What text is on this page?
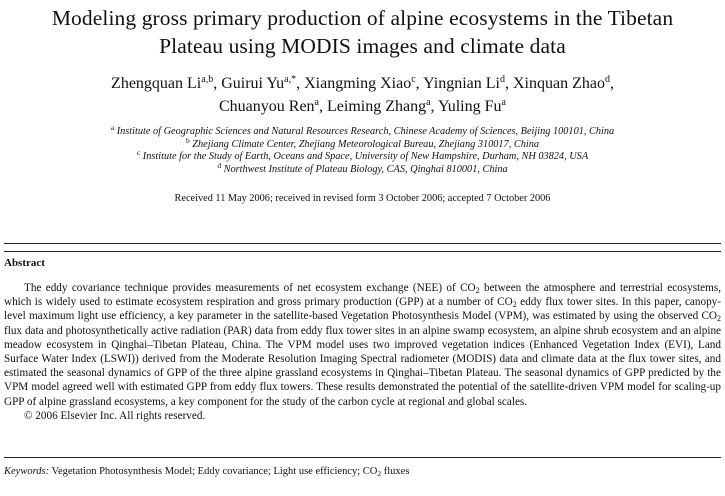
Modeling gross primary production of alpine ecosystems in the Tibetan
Plateau using MODIS images and climate data
Zhengquan Li$^{a,b}$, Guirui $Yu^{a,*}$, Xiangming Xiao$^c$, Yingnian Li$^d$, Xinquan Zhao$^d$,
Chuanyou Ren$^a$, Leiming Zhang$^a$, Yuling Fu$^a$
$^a$ Institute of Geographic Sciences and Natural Resources Research, Chinese Academy of Sciences, Beijing 100101, China
$^b$ Zhejiang Climate Center, Zhejiang Meteorological Bureau, Zhejiang 310017, China
$^c$ Institute for the Study of Earth, Oceans and Space, University of New Hampshire, Durham, NH 03824, USA
$^d$ Northwest Institute of Plateau Biology, CAS, Qinghai 810001, China
Received 11 May 2006; received in revised form 3 October 2006; accepted 7 October 2006
Abstract

The eddy covariance technique provides measurements of net ecosystem exchange (NEE) of $CO_2$ between the atmosphere and terrestrial ecosystems, which is widely used to estimate ecosystem respiration and gross primary production (GPP) at a number of $CO_2$ eddy flux tower sites. In this paper, canopy-level maximum light use efficiency, a key parameter in the satellite-based Vegetation Photosynthesis Model (VPM), was estimated by using the observed $CO_2$ flux data and photosynthetically active radiation (PAR) data from eddy flux tower sites in an alpine swamp ecosystem, an alpine shrub ecosystem and an alpine meadow ecosystem in Qinghai–Tibetan Plateau, China. The VPM model uses two improved vegetation indices (Enhanced Vegetation Index (EVI), Land Surface Water Index (LSWI)) derived from the Moderate Resolution Imaging Spectral radiometer (MODIS) data and climate data at the flux tower sites, and estimated the seasonal dynamics of GPP of the three alpine grassland ecosystems in Qinghai–Tibetan Plateau. The seasonal dynamics of GPP predicted by the VPM model agreed well with estimated GPP from eddy flux towers. These results demonstrated the potential of the satellite-driven VPM model for scaling-up GPP of alpine grassland ecosystems, a key component for the study of the carbon cycle at regional and global scales.

© 2006 Elsevier Inc. All rights reserved.

Keywords: Vegetation Photosynthesis Model; Eddy covariance; Light use efficiency; $CO_2$ fluxes
